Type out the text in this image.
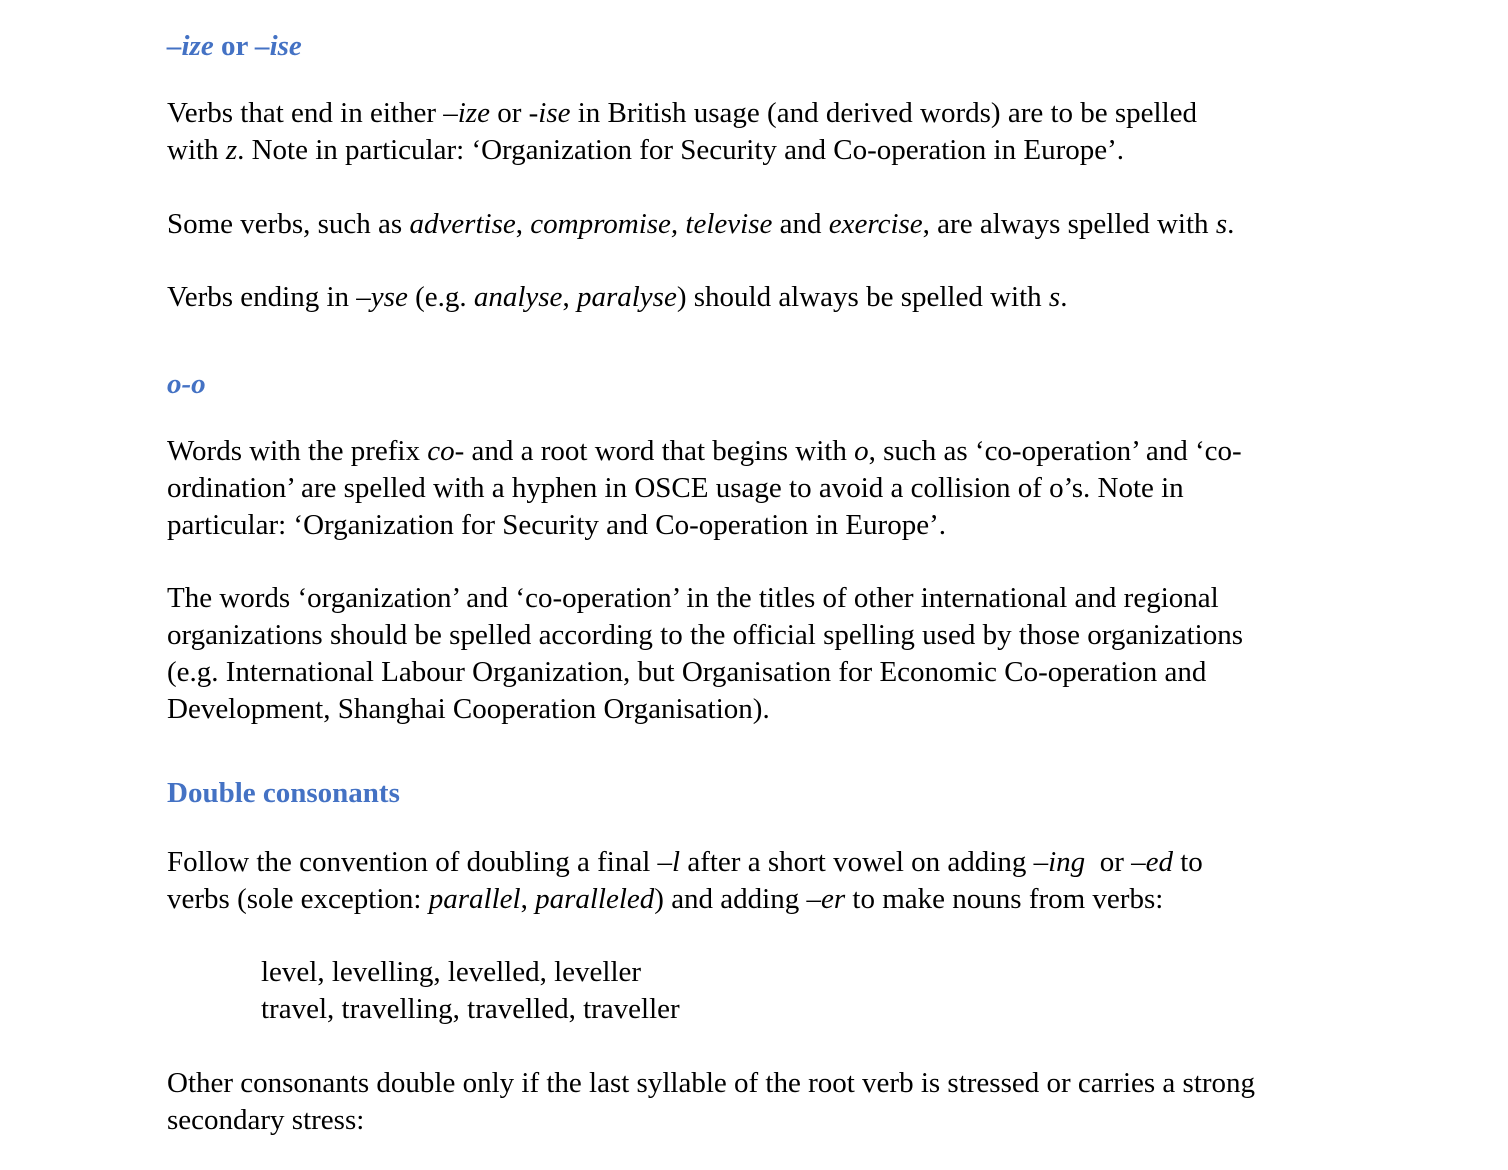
–ize or –ise
Verbs that end in either –ize or -ise in British usage (and derived words) are to be spelled
with z. Note in particular: ‘Organization for Security and Co-operation in Europe’.
Some verbs, such as advertise, compromise, televise and exercise, are always spelled with s.
Verbs ending in –yse (e.g. analyse, paralyse) should always be spelled with s.
o-o
Words with the prefix co- and a root word that begins with o, such as ‘co-operation’ and ‘co-
ordination’ are spelled with a hyphen in OSCE usage to avoid a collision of o’s. Note in
particular: ‘Organization for Security and Co-operation in Europe’.
The words ‘organization’ and ‘co-operation’ in the titles of other international and regional
organizations should be spelled according to the official spelling used by those organizations
(e.g. International Labour Organization, but Organisation for Economic Co-operation and
Development, Shanghai Cooperation Organisation).
Double consonants
Follow the convention of doubling a final –l after a short vowel on adding –ing  or –ed to
verbs (sole exception: parallel, paralleled) and adding –er to make nouns from verbs:
level, levelling, levelled, leveller
travel, travelling, travelled, traveller
Other consonants double only if the last syllable of the root verb is stressed or carries a strong
secondary stress:
